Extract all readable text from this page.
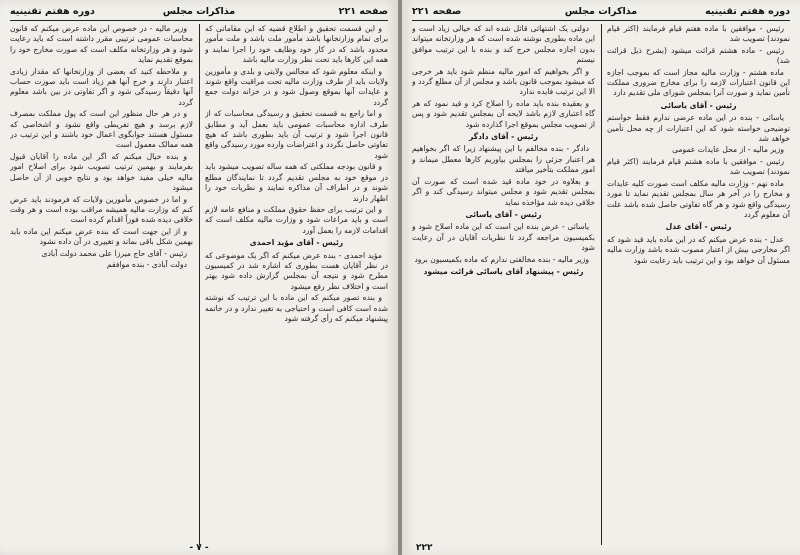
صفحه ۲۲۱
مذاکرات مجلس
دوره هفتم تقنینیه

و این قسمت تحقیق و اطلاع قضیه که این مقاماتی که برای تمام وزارتخانها باشد مأمور ملت باشد و ملت مأمور محدود باشد که در کار خود وظایف خود را اجرا نمایند و همه این کارها باید تحت نظر وزارت مالیه باشد

و اینکه معلوم شود که مجالس ولایتی و بلدی و مأمورین ولایات باید از طرف وزارت مالیه تحت مراقبت واقع شوند و عایدات آنها بموقع وصول شود و در خزانه دولت جمع گردد

و اما راجع به قسمت تحقیق و رسیدگی محاسبات که از طرف اداره محاسبات عمومی باید بعمل آید و مطابق قانون اجرا شود و ترتیب آن باید بطوری باشد که هیچ تفاوتی حاصل نگردد و اعتراضات وارده مورد رسیدگی واقع شود

و قانون بودجه مملکتی که همه ساله تصویب میشود باید در موقع خود به مجلس تقدیم گردد تا نمایندگان مطلع شوند و در اطراف آن مذاکره نمایند و نظریات خود را اظهار دارند

و این ترتیب برای حفظ حقوق مملکت و منافع عامه لازم است و باید مراعات شود و وزارت مالیه مکلف است که اقدامات لازمه را بعمل آورد

رئیس - آقای مؤید احمدی

مؤید احمدی - بنده عرض میکنم که اگر یک موضوعی که در نظر آقایان هست بطوری که اشاره شد در کمیسیون مطرح شود و نتیجه آن بمجلس گزارش داده شود بهتر است و اختلاف نظر رفع میشود

و بنده تصور میکنم که این ماده با این ترتیب که نوشته شده است کافی است و احتیاجی به تغییر ندارد و در خاتمه پیشنهاد میکنم که رأی گرفته شود

وزیر مالیه - در خصوص این ماده عرض میکنم که قانون محاسبات عمومی ترتیبی مقرر داشته است که باید رعایت شود و هر وزارتخانه مکلف است که صورت مخارج خود را بموقع تقدیم نماید

و ملاحظه کنید که بعضی از وزارتخانها که مقدار زیادی اعتبار دارند و خرج آنها هم زیاد است باید صورت حساب آنها دقیقاً رسیدگی شود و اگر تفاوتی در بین باشد معلوم گردد

و در هر حال منظور این است که پول مملکت بمصرف لازم برسد و هیچ تفریطی واقع نشود و اشخاصی که مسئول هستند جوابگوی اعمال خود باشند و این ترتیب در همه ممالک معمول است

و بنده خیال میکنم که اگر این ماده را آقایان قبول بفرمایند و بهمین ترتیب تصویب شود برای اصلاح امور مالیه خیلی مفید خواهد بود و نتایج خوبی از آن حاصل میشود

و اما در خصوص مأمورین ولایات که فرمودند باید عرض کنم که وزارت مالیه همیشه مراقب بوده است و هر وقت خلافی دیده شده فوراً اقدام کرده است

و از این جهت است که بنده عرض میکنم این ماده باید بهمین شکل باقی بماند و تغییری در آن داده نشود

رئیس - آقای حاج میرزا علی محمد دولت آبادی

دولت آبادی - بنده موافقم

- ۷ -
دوره هفتم تقنینیه
مذاکرات مجلس
صفحه ۲۲۱

رئیس - موافقین با ماده هفتم قیام فرمایند (اکثر قیام نمودند) تصویب شد

رئیس - ماده هشتم قرائت میشود (بشرح ذیل قرائت شد)

ماده هشتم - وزارت مالیه مجاز است که بموجب اجازه این قانون اعتبارات لازمه را برای مخارج ضروری مملکت تأمین نماید و صورت آنرا بمجلس شورای ملی تقدیم دارد

رئیس - آقای یاسائی

یاسائی - بنده در این ماده عرضی ندارم فقط خواستم توضیحی خواسته شود که این اعتبارات از چه محل تأمین خواهد شد

وزیر مالیه - از محل عایدات عمومی

رئیس - موافقین با ماده هشتم قیام فرمایند (اکثر قیام نمودند) تصویب شد

ماده نهم - وزارت مالیه مکلف است صورت کلیه عایدات و مخارج را در آخر هر سال بمجلس تقدیم نماید تا مورد رسیدگی واقع شود و هر گاه تفاوتی حاصل شده باشد علت آن معلوم گردد

رئیس - آقای عدل

عدل - بنده عرض میکنم که در این ماده باید قید شود که اگر مخارجی بیش از اعتبار مصوب شده باشد وزارت مالیه مسئول آن خواهد بود و این ترتیب باید رعایت شود

دولتی یک اشتهائی قائل شده اند که خیالی زیاد است و این ماده بطوری نوشته شده است که هر وزارتخانه میتواند بدون اجازه مجلس خرج کند و بنده با این ترتیب موافق نیستم

و اگر بخواهیم که امور مالیه منظم شود باید هر خرجی که میشود بموجب قانون باشد و مجلس از آن مطلع گردد و الا این ترتیب فایده ندارد

و بعقیده بنده باید ماده را اصلاح کرد و قید نمود که هر گاه اعتباری لازم باشد لایحه آن بمجلس تقدیم شود و پس از تصویب مجلس بموقع اجرا گذارده شود

رئیس - آقای دادگر

دادگر - بنده مخالفم با این پیشنهاد زیرا که اگر بخواهیم هر اعتبار جزئی را بمجلس بیاوریم کارها معطل میماند و امور مملکت بتأخیر میافتد

و بعلاوه در خود ماده قید شده است که صورت آن بمجلس تقدیم شود و مجلس میتواند رسیدگی کند و اگر خلافی دیده شد مؤاخذه نماید

رئیس - آقای یاسائی

یاسائی - عرض بنده این است که این ماده اصلاح شود و بکمیسیون مراجعه گردد تا نظریات آقایان در آن رعایت شود

وزیر مالیه - بنده مخالفتی ندارم که ماده بکمیسیون برود

رئیس - پیشنهاد آقای یاسائی قرائت میشود

۲۲۲
